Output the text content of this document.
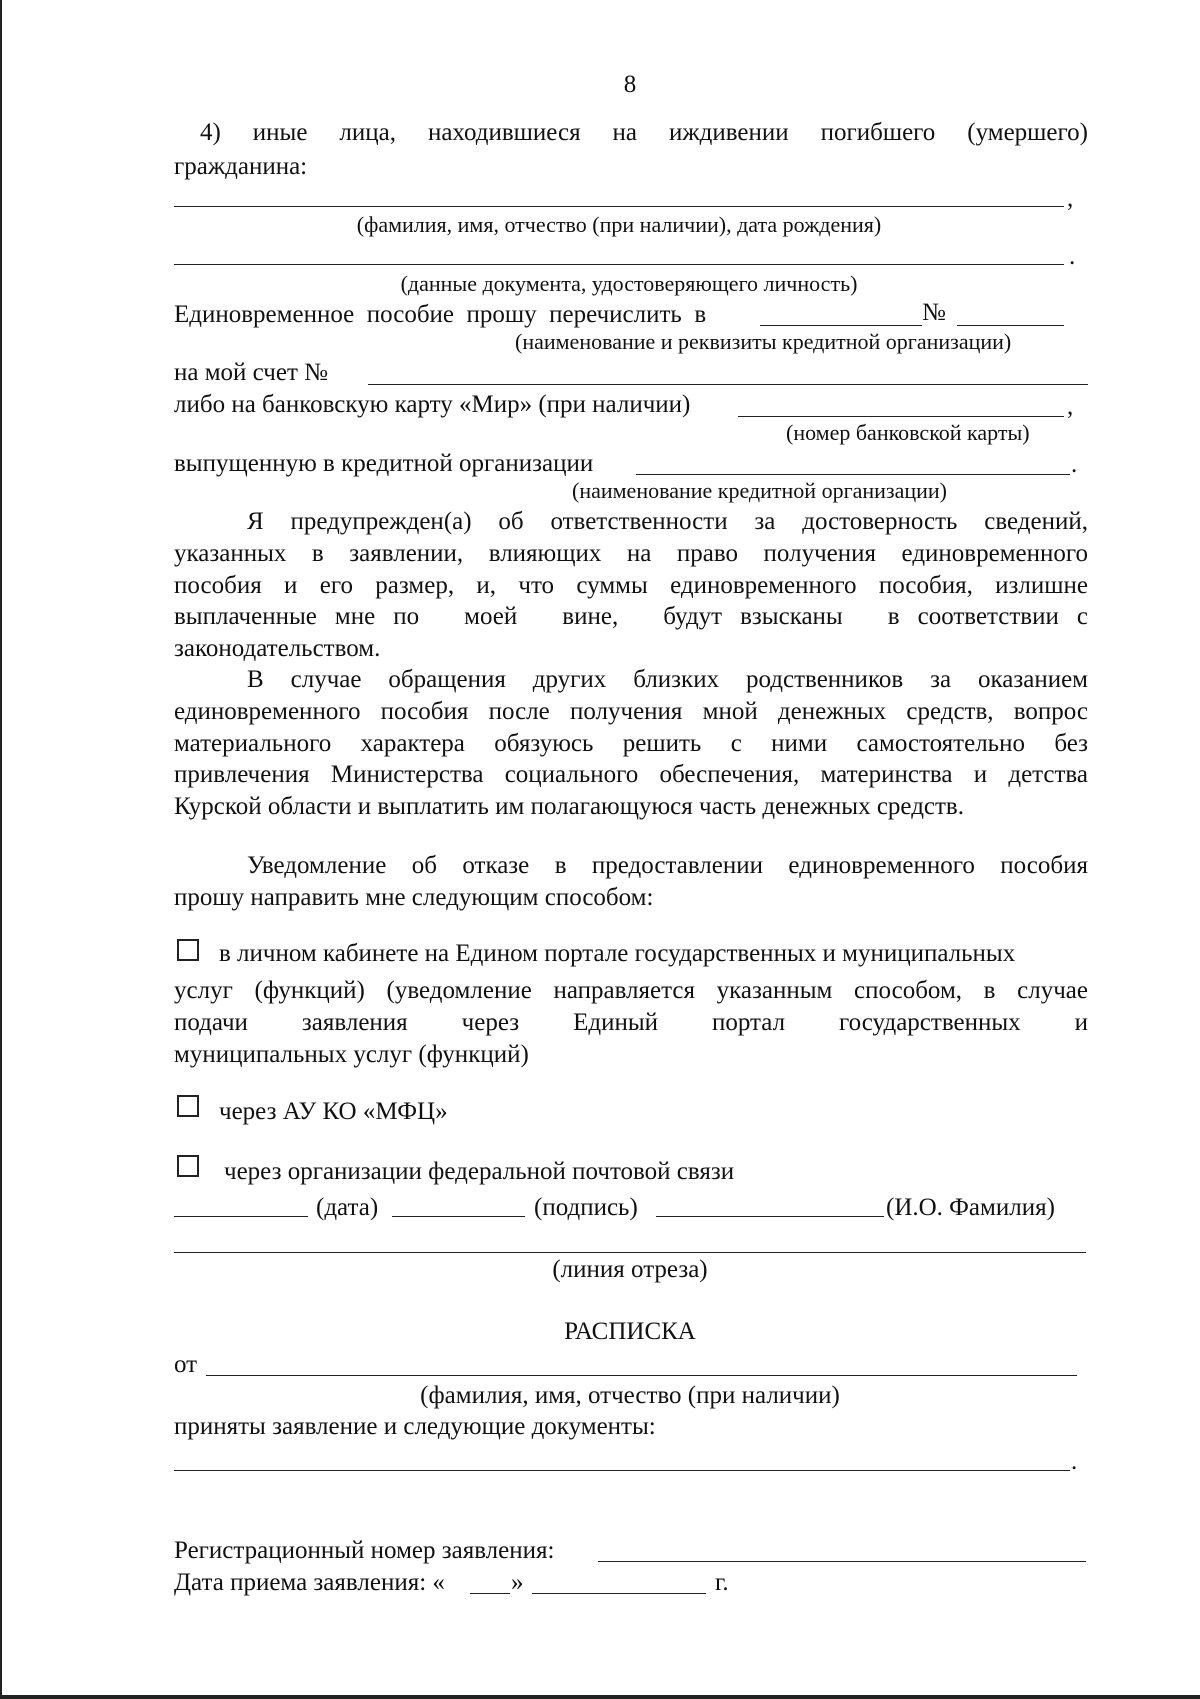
8
4) иные лица, находившиеся на иждивении погибшего (умершего)
гражданина:
,
(фамилия, имя, отчество (при наличии), дата рождения)
.
(данные документа, удостоверяющего личность)
Единовременное  пособие  прошу  перечислить  в	№
(наименование и реквизиты кредитной организации)
на мой счет №
либо на банковскую карту «Мир» (при наличии)	,
(номер банковской карты)
выпущенную в кредитной организации	.
(наименование кредитной организации)
Я  предупрежден(а)  об  ответственности  за  достоверность  сведений,
указанных  в  заявлении,  влияющих  на  право  получения  единовременного
пособия  и  его  размер,  и,  что  суммы  единовременного  пособия,  излишне
выплаченные  мне  по     моей     вине,     будут  взысканы     в  соответствии  с
законодательством.
В  случае  обращения  других  близких  родственников  за  оказанием
единовременного пособия после получения мной денежных средств, вопрос
материального  характера  обязуюсь  решить  с  ними  самостоятельно  без
привлечения Министерства социального обеспечения, материнства и детства
Курской области и выплатить им полагающуюся часть денежных средств.
Уведомление  об  отказе  в  предоставлении  единовременного  пособия
прошу направить мне следующим способом:
в личном кабинете на Едином портале государственных и муниципальных
услуг (функций) (уведомление направляется указанным способом, в случае
подачи заявления через Единый портал государственных и
муниципальных услуг (функций)
через АУ КО «МФЦ»
через организации федеральной почтовой связи
(дата)	(подпись)	(И.О. Фамилия)
(линия отреза)
РАСПИСКА
от
(фамилия, имя, отчество (при наличии)
приняты заявление и следующие документы:
.
Регистрационный номер заявления:
Дата приема заявления: «	»	г.
